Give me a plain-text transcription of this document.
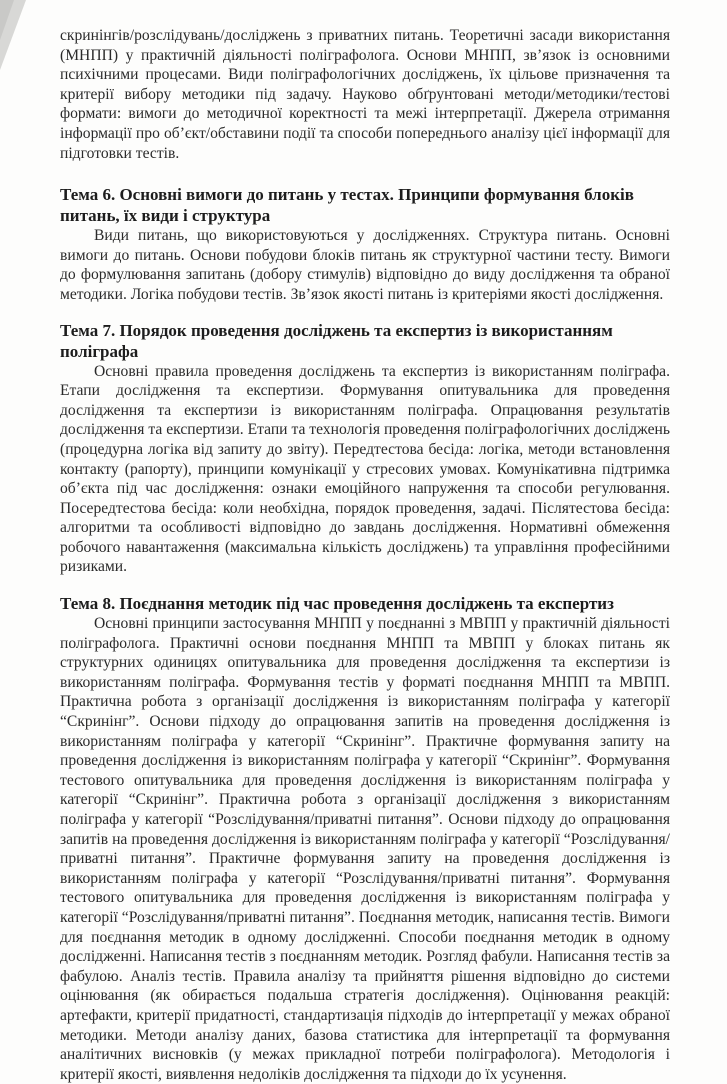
скринінгів/розслідувань/досліджень з приватних питань. Теоретичні засади використання (МНПП) у практичній діяльності поліграфолога. Основи МНПП, зв’язок із основними психічними процесами. Види поліграфологічних досліджень, їх цільове призначення та критерії вибору методики під задачу. Науково обґрунтовані методи/методики/тестові формати: вимоги до методичної коректності та межі інтерпретації. Джерела отримання інформації про об’єкт/обставини події та способи попереднього аналізу цієї інформації для підготовки тестів.

Тема 6. Основні вимоги до питань у тестах. Принципи формування блоків питань, їх види і структура

Види питань, що використовуються у дослідженнях. Структура питань. Основні вимоги до питань. Основи побудови блоків питань як структурної частини тесту. Вимоги до формулювання запитань (добору стимулів) відповідно до виду дослідження та обраної методики. Логіка побудови тестів. Зв’язок якості питань із критеріями якості дослідження.

Тема 7. Порядок проведення досліджень та експертиз із використанням поліграфа

Основні правила проведення досліджень та експертиз із використанням поліграфа. Етапи дослідження та експертизи. Формування опитувальника для проведення дослідження та експертизи із використанням поліграфа. Опрацювання результатів дослідження та експертизи. Етапи та технологія проведення поліграфологічних досліджень (процедурна логіка від запиту до звіту). Передтестова бесіда: логіка, методи встановлення контакту (рапорту), принципи комунікації у стресових умовах. Комунікативна підтримка об’єкта під час дослідження: ознаки емоційного напруження та способи регулювання. Посередтестова бесіда: коли необхідна, порядок проведення, задачі. Післятестова бесіда: алгоритми та особливості відповідно до завдань дослідження. Нормативні обмеження робочого навантаження (максимальна кількість досліджень) та управління професійними ризиками.

Тема 8. Поєднання методик під час проведення досліджень та експертиз

Основні принципи застосування МНПП у поєднанні з МВПП у практичній діяльності поліграфолога. Практичні основи поєднання МНПП та МВПП у блоках питань як структурних одиницях опитувальника для проведення дослідження та експертизи із використанням поліграфа. Формування тестів у форматі поєднання МНПП та МВПП. Практична робота з організації дослідження із використанням поліграфа у категорії “Скринінг”. Основи підходу до опрацювання запитів на проведення дослідження із використанням поліграфа у категорії “Скринінг”. Практичне формування запиту на проведення дослідження із використанням поліграфа у категорії “Скринінг”. Формування тестового опитувальника для проведення дослідження із використанням поліграфа у категорії “Скринінг”. Практична робота з організації дослідження з використанням поліграфа у категорії “Розслідування/приватні питання”. Основи підходу до опрацювання запитів на проведення дослідження із використанням поліграфа у категорії “Розслідування/приватні питання”. Практичне формування запиту на проведення дослідження із використанням поліграфа у категорії “Розслідування/приватні питання”. Формування тестового опитувальника для проведення дослідження із використанням поліграфа у категорії “Розслідування/приватні питання”. Поєднання методик, написання тестів. Вимоги для поєднання методик в одному дослідженні. Способи поєднання методик в одному дослідженні. Написання тестів з поєднанням методик. Розгляд фабули. Написання тестів за фабулою. Аналіз тестів. Правила аналізу та прийняття рішення відповідно до системи оцінювання (як обирається подальша стратегія дослідження). Оцінювання реакцій: артефакти, критерії придатності, стандартизація підходів до інтерпретації у межах обраної методики. Методи аналізу даних, базова статистика для інтерпретації та формування аналітичних висновків (у межах прикладної потреби поліграфолога). Методологія і критерії якості, виявлення недоліків дослідження та підходи до їх усунення.
